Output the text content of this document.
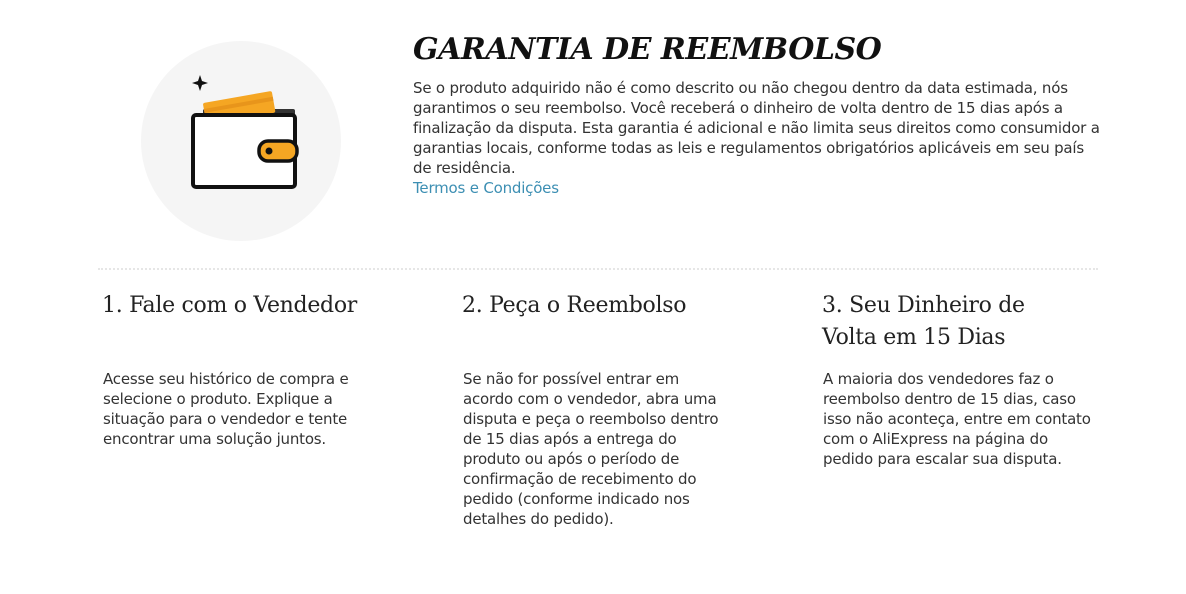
GARANTIA DE REEMBOLSO

Se o produto adquirido não é como descrito ou não chegou dentro da data estimada, nós garantimos o seu reembolso. Você receberá o dinheiro de volta dentro de 15 dias após a finalização da disputa. Esta garantia é adicional e não limita seus direitos como consumidor a garantias locais, conforme todas as leis e regulamentos obrigatórios aplicáveis em seu país de residência.
Termos e Condições

1. Fale com o Vendedor

Acesse seu histórico de compra e selecione o produto. Explique a situação para o vendedor e tente encontrar uma solução juntos.

2. Peça o Reembolso

Se não for possível entrar em acordo com o vendedor, abra uma disputa e peça o reembolso dentro de 15 dias após a entrega do produto ou após o período de confirmação de recebimento do pedido (conforme indicado nos detalhes do pedido).

3. Seu Dinheiro de Volta em 15 Dias

A maioria dos vendedores faz o reembolso dentro de 15 dias, caso isso não aconteça, entre em contato com o AliExpress na página do pedido para escalar sua disputa.
